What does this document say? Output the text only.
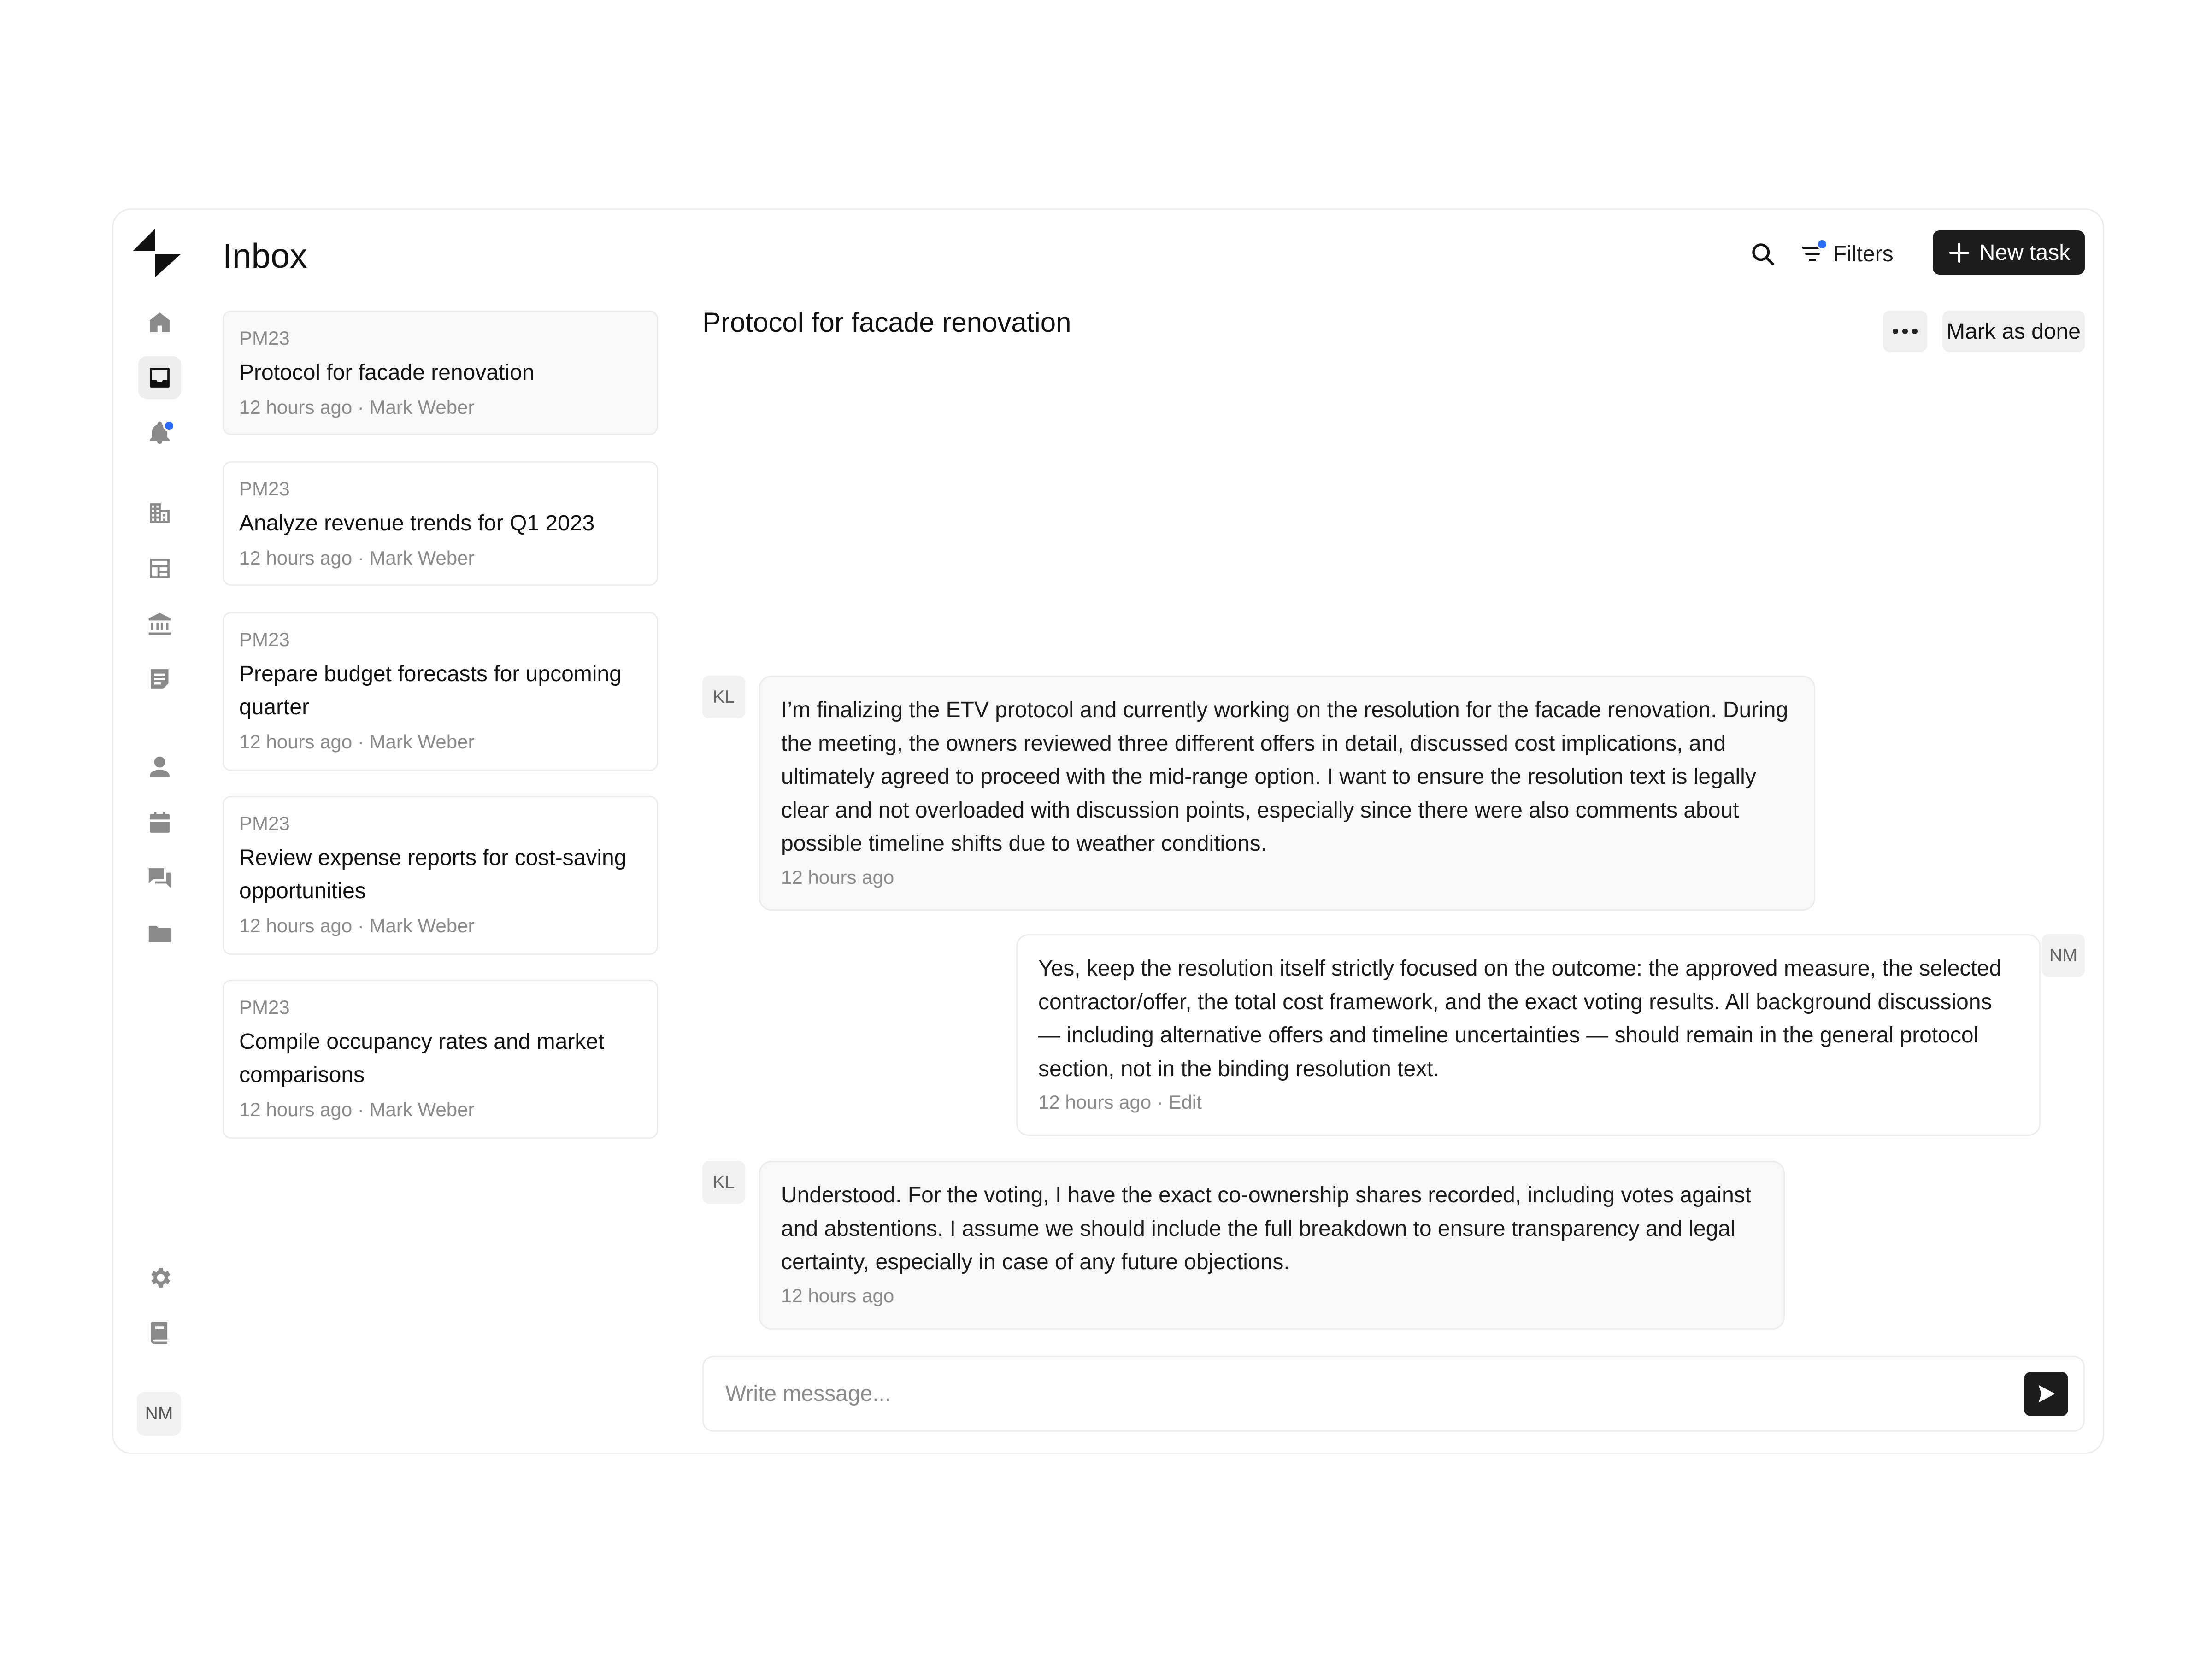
NM
Inbox	Filters	New task
PM23
Protocol for facade renovation
12 hours ago · Mark Weber
PM23
Analyze revenue trends for Q1 2023
12 hours ago · Mark Weber
PM23
Prepare budget forecasts for upcoming quarter
12 hours ago · Mark Weber
PM23
Review expense reports for cost-saving opportunities
12 hours ago · Mark Weber
PM23
Compile occupancy rates and market comparisons
12 hours ago · Mark Weber
Protocol for facade renovation	Mark as done
KL
I’m finalizing the ETV protocol and currently working on the resolution for the facade renovation. During the meeting, the owners reviewed three different offers in detail, discussed cost implications, and ultimately agreed to proceed with the mid-range option. I want to ensure the resolution text is legally clear and not overloaded with discussion points, especially since there were also comments about possible timeline shifts due to weather conditions.
12 hours ago
Yes, keep the resolution itself strictly focused on the outcome: the approved measure, the selected contractor/offer, the total cost framework, and the exact voting results. All background discussions — including alternative offers and timeline uncertainties — should remain in the general protocol section, not in the binding resolution text.
12 hours ago · Edit
NM
KL
Understood. For the voting, I have the exact co-ownership shares recorded, including votes against and abstentions. I assume we should include the full breakdown to ensure transparency and legal certainty, especially in case of any future objections.
12 hours ago
Write message...
